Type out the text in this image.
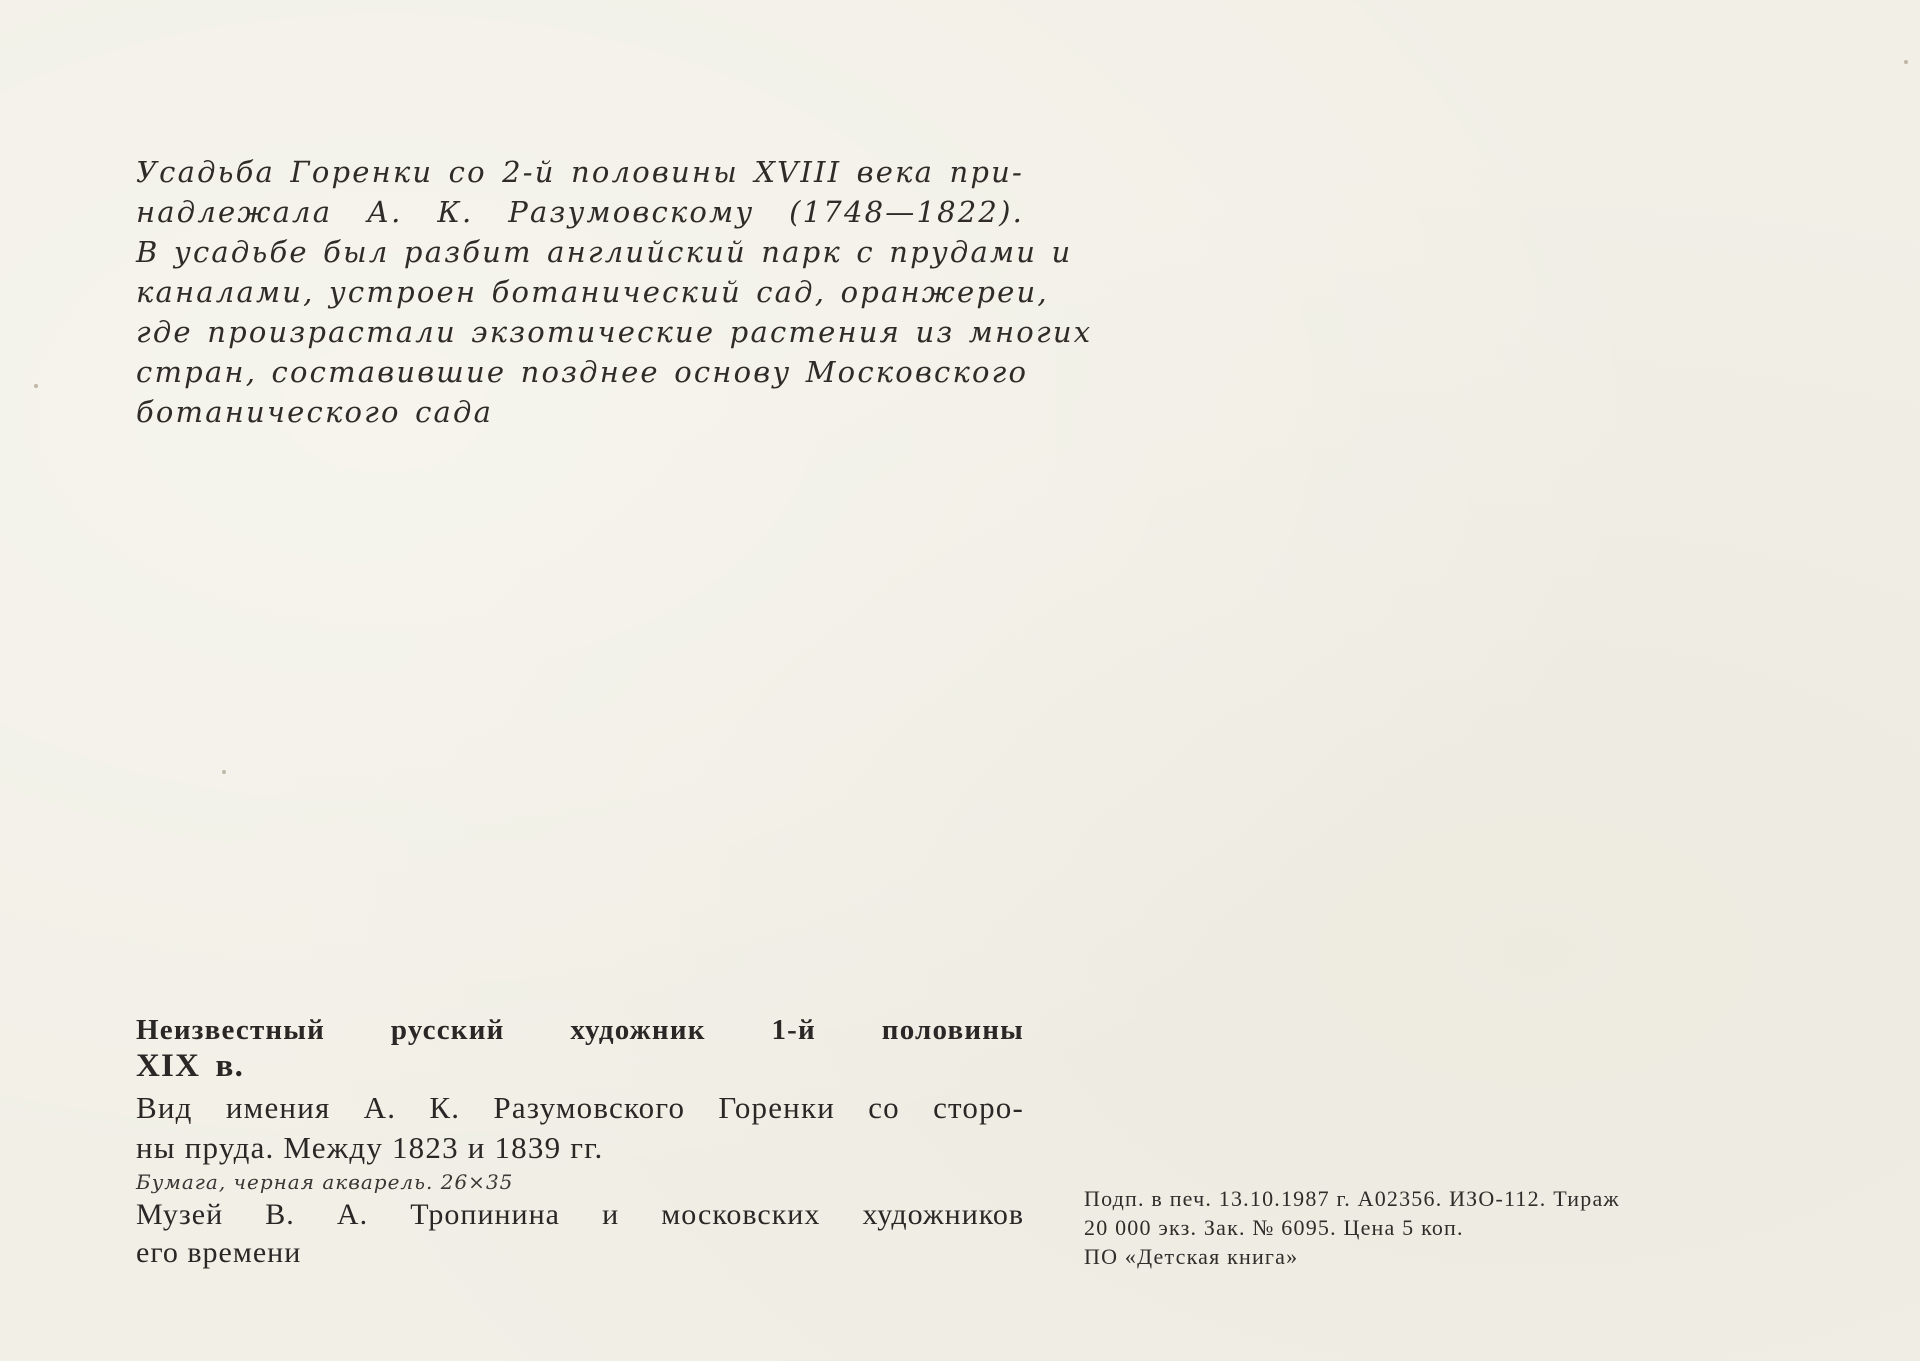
Усадьба Горенки со 2-й половины XVIII века при-
надлежала А. К. Разумовскому (1748—1822).
В усадьбе был разбит английский парк с прудами и
каналами, устроен ботанический сад, оранжереи,
где произрастали экзотические растения из многих
стран, составившие позднее основу Московского
ботанического сада
Неизвестный русский художник 1-й половины
XIX в.
Вид имения А. К. Разумовского Горенки со сторо-
ны пруда. Между 1823 и 1839 гг.
Бумага, черная акварель. 26×35
Музей В. А. Тропинина и московских художников
его времени
Подп. в печ. 13.10.1987 г. А02356. ИЗО-112. Тираж
20 000 экз. Зак. № 6095. Цена 5 коп.
ПО «Детская книга»
